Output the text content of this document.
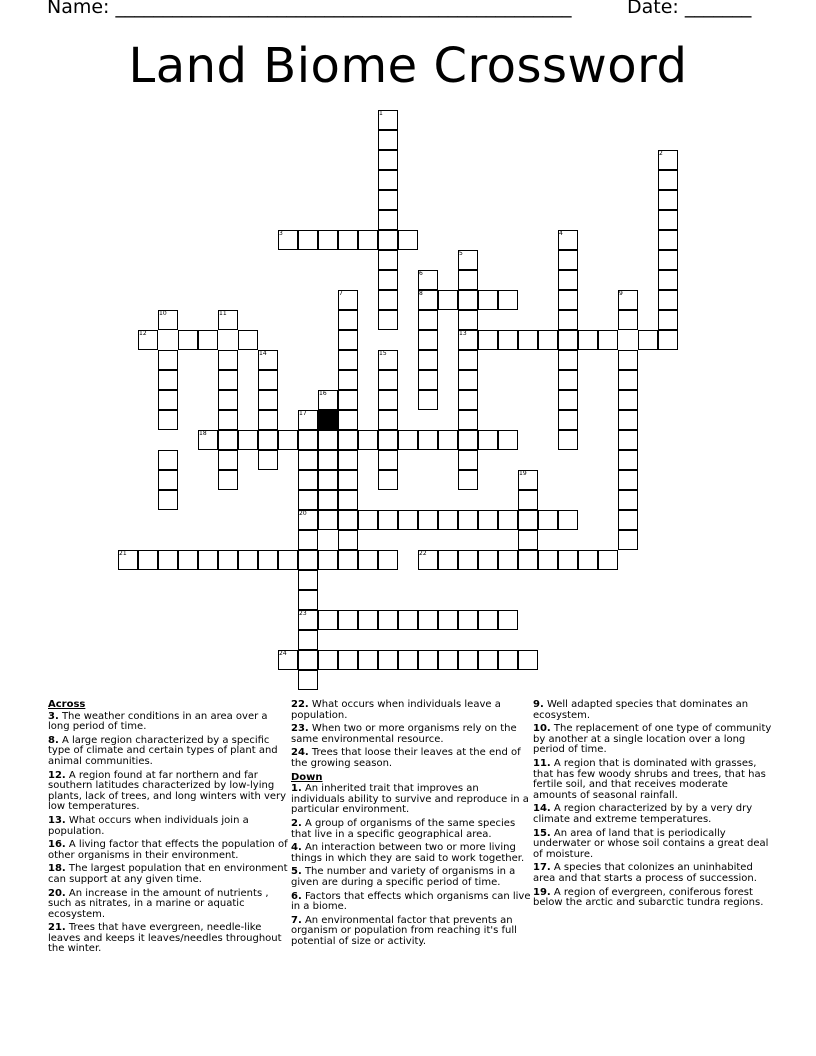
Name: ________________________________________________	Date: _______
Land Biome Crossword
1
2
3	4
5
6
7	8	9
10	11
12	13
14	15
16
17
18
19
20
21	22
23
24
Across
3. The weather conditions in an area over a long period of time.
8. A large region characterized by a specific type of climate and certain types of plant and animal communities.
12. A region found at far northern and far southern latitudes characterized by low-lying plants, lack of trees, and long winters with very low temperatures.
13. What occurs when individuals join a population.
16. A living factor that effects the population of other organisms in their environment.
18. The largest population that en environment can support at any given time.
20. An increase in the amount of nutrients , such as nitrates, in a marine or aquatic ecosystem.
21. Trees that have evergreen, needle-like leaves and keeps it leaves/needles throughout the winter.
22. What occurs when individuals leave a population.
23. When two or more organisms rely on the same environmental resource.
24. Trees that loose their leaves at the end of the growing season.
Down
1. An inherited trait that improves an individuals ability to survive and reproduce in a particular environment.
2. A group of organisms of the same species that live in a specific geographical area.
4. An interaction between two or more living things in which they are said to work together.
5. The number and variety of organisms in a given are during a specific period of time.
6. Factors that effects which organisms can live in a biome.
7. An environmental factor that prevents an organism or population from reaching it's full potential of size or activity.
9. Well adapted species that dominates an ecosystem.
10. The replacement of one type of community by another at a single location over a long period of time.
11. A region that is dominated with grasses, that has few woody shrubs and trees, that has fertile soil, and that receives moderate amounts of seasonal rainfall.
14. A region characterized by by a very dry climate and extreme temperatures.
15. An area of land that is periodically underwater or whose soil contains a great deal of moisture.
17. A species that colonizes an uninhabited area and that starts a process of succession.
19. A region of evergreen, coniferous forest below the arctic and subarctic tundra regions.
